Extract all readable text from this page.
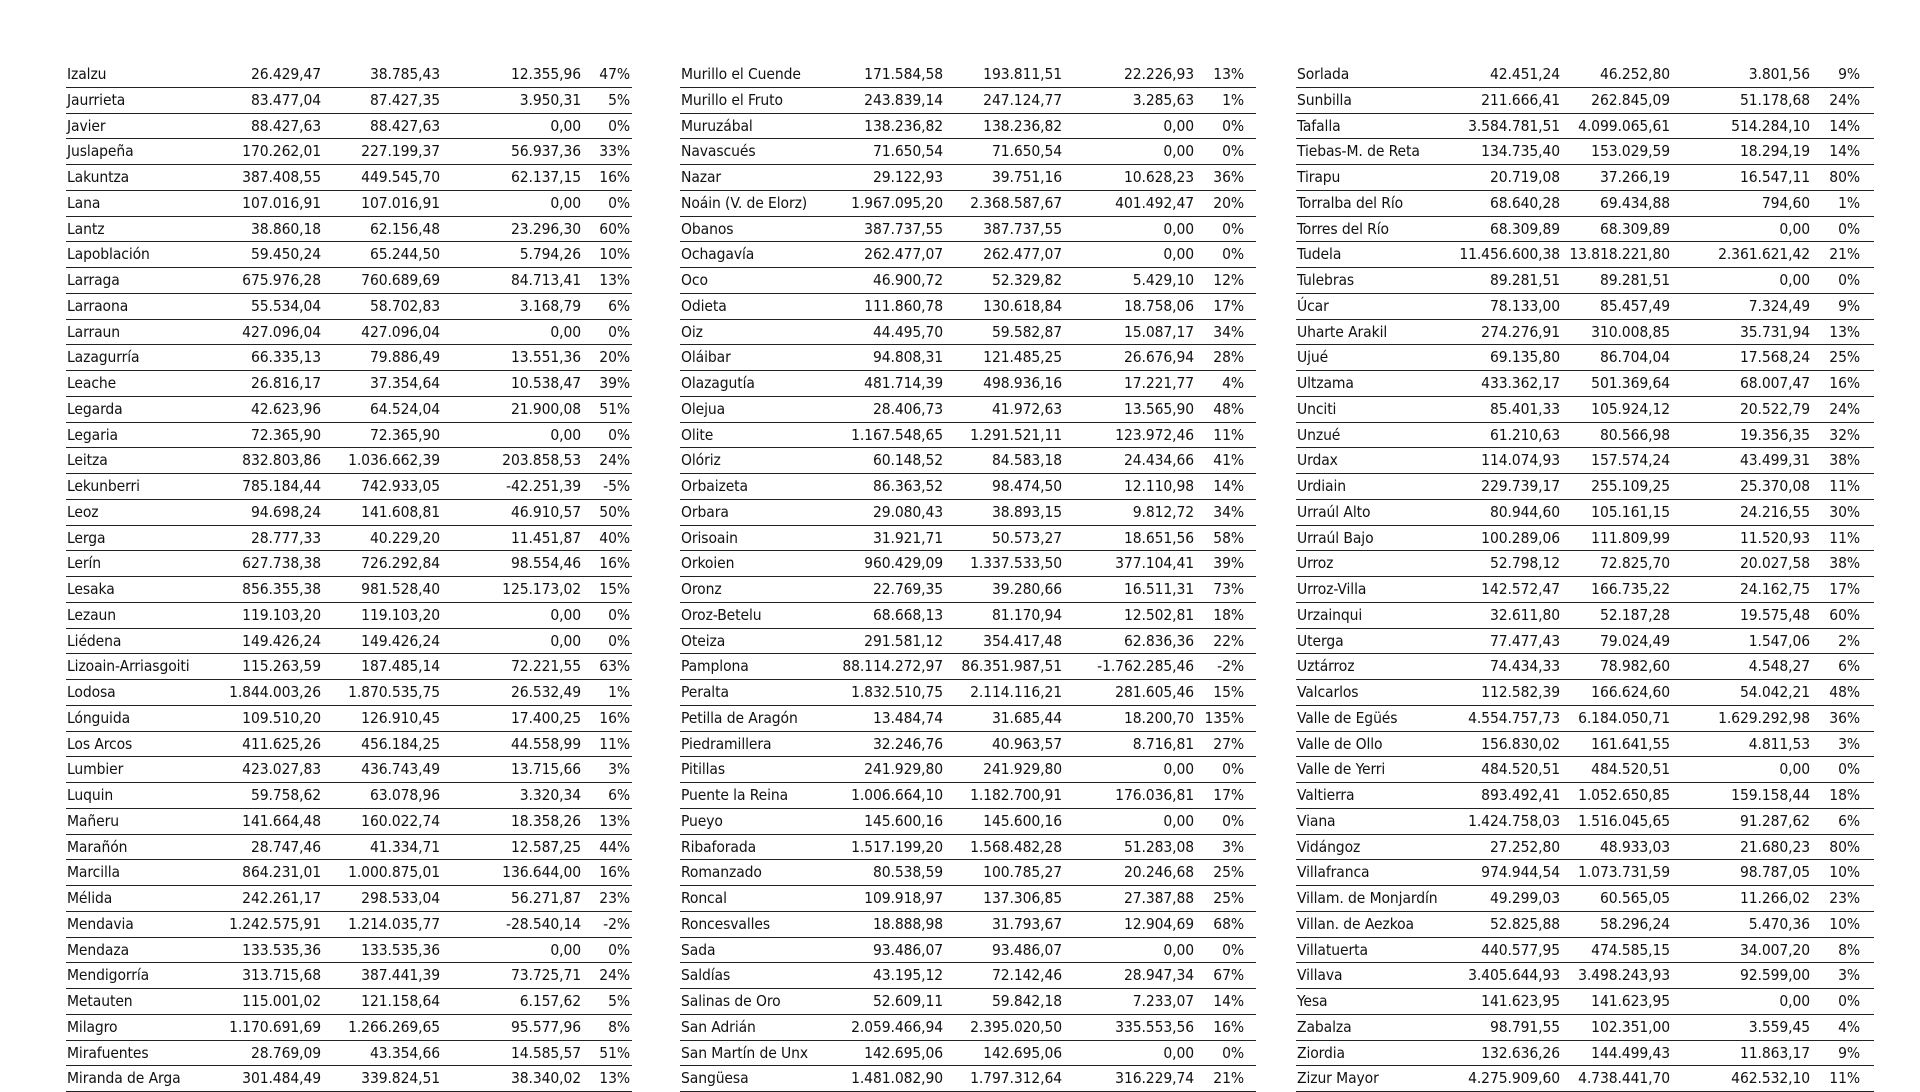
Izalzu	26.429,47	38.785,43	12.355,96	47%
Jaurrieta	83.477,04	87.427,35	3.950,31	5%
Javier	88.427,63	88.427,63	0,00	0%
Juslapeña	170.262,01	227.199,37	56.937,36	33%
Lakuntza	387.408,55	449.545,70	62.137,15	16%
Lana	107.016,91	107.016,91	0,00	0%
Lantz	38.860,18	62.156,48	23.296,30	60%
Lapoblación	59.450,24	65.244,50	5.794,26	10%
Larraga	675.976,28	760.689,69	84.713,41	13%
Larraona	55.534,04	58.702,83	3.168,79	6%
Larraun	427.096,04	427.096,04	0,00	0%
Lazagurría	66.335,13	79.886,49	13.551,36	20%
Leache	26.816,17	37.354,64	10.538,47	39%
Legarda	42.623,96	64.524,04	21.900,08	51%
Legaria	72.365,90	72.365,90	0,00	0%
Leitza	832.803,86	1.036.662,39	203.858,53	24%
Lekunberri	785.184,44	742.933,05	-42.251,39	-5%
Leoz	94.698,24	141.608,81	46.910,57	50%
Lerga	28.777,33	40.229,20	11.451,87	40%
Lerín	627.738,38	726.292,84	98.554,46	16%
Lesaka	856.355,38	981.528,40	125.173,02	15%
Lezaun	119.103,20	119.103,20	0,00	0%
Liédena	149.426,24	149.426,24	0,00	0%
Lizoain-Arriasgoiti	115.263,59	187.485,14	72.221,55	63%
Lodosa	1.844.003,26	1.870.535,75	26.532,49	1%
Lónguida	109.510,20	126.910,45	17.400,25	16%
Los Arcos	411.625,26	456.184,25	44.558,99	11%
Lumbier	423.027,83	436.743,49	13.715,66	3%
Luquin	59.758,62	63.078,96	3.320,34	6%
Mañeru	141.664,48	160.022,74	18.358,26	13%
Marañón	28.747,46	41.334,71	12.587,25	44%
Marcilla	864.231,01	1.000.875,01	136.644,00	16%
Mélida	242.261,17	298.533,04	56.271,87	23%
Mendavia	1.242.575,91	1.214.035,77	-28.540,14	-2%
Mendaza	133.535,36	133.535,36	0,00	0%
Mendigorría	313.715,68	387.441,39	73.725,71	24%
Metauten	115.001,02	121.158,64	6.157,62	5%
Milagro	1.170.691,69	1.266.269,65	95.577,96	8%
Mirafuentes	28.769,09	43.354,66	14.585,57	51%
Miranda de Arga	301.484,49	339.824,51	38.340,02	13%
Murillo el Cuende	171.584,58	193.811,51	22.226,93	13%
Murillo el Fruto	243.839,14	247.124,77	3.285,63	1%
Muruzábal	138.236,82	138.236,82	0,00	0%
Navascués	71.650,54	71.650,54	0,00	0%
Nazar	29.122,93	39.751,16	10.628,23	36%
Noáin (V. de Elorz)	1.967.095,20	2.368.587,67	401.492,47	20%
Obanos	387.737,55	387.737,55	0,00	0%
Ochagavía	262.477,07	262.477,07	0,00	0%
Oco	46.900,72	52.329,82	5.429,10	12%
Odieta	111.860,78	130.618,84	18.758,06	17%
Oiz	44.495,70	59.582,87	15.087,17	34%
Oláibar	94.808,31	121.485,25	26.676,94	28%
Olazagutía	481.714,39	498.936,16	17.221,77	4%
Olejua	28.406,73	41.972,63	13.565,90	48%
Olite	1.167.548,65	1.291.521,11	123.972,46	11%
Olóriz	60.148,52	84.583,18	24.434,66	41%
Orbaizeta	86.363,52	98.474,50	12.110,98	14%
Orbara	29.080,43	38.893,15	9.812,72	34%
Orisoain	31.921,71	50.573,27	18.651,56	58%
Orkoien	960.429,09	1.337.533,50	377.104,41	39%
Oronz	22.769,35	39.280,66	16.511,31	73%
Oroz-Betelu	68.668,13	81.170,94	12.502,81	18%
Oteiza	291.581,12	354.417,48	62.836,36	22%
Pamplona	88.114.272,97	86.351.987,51	-1.762.285,46	-2%
Peralta	1.832.510,75	2.114.116,21	281.605,46	15%
Petilla de Aragón	13.484,74	31.685,44	18.200,70 135%
Piedramillera	32.246,76	40.963,57	8.716,81	27%
Pitillas	241.929,80	241.929,80	0,00	0%
Puente la Reina	1.006.664,10	1.182.700,91	176.036,81	17%
Pueyo	145.600,16	145.600,16	0,00	0%
Ribaforada	1.517.199,20	1.568.482,28	51.283,08	3%
Romanzado	80.538,59	100.785,27	20.246,68	25%
Roncal	109.918,97	137.306,85	27.387,88	25%
Roncesvalles	18.888,98	31.793,67	12.904,69	68%
Sada	93.486,07	93.486,07	0,00	0%
Saldías	43.195,12	72.142,46	28.947,34	67%
Salinas de Oro	52.609,11	59.842,18	7.233,07	14%
San Adrián	2.059.466,94	2.395.020,50	335.553,56	16%
San Martín de Unx	142.695,06	142.695,06	0,00	0%
Sangüesa	1.481.082,90	1.797.312,64	316.229,74	21%
Sorlada	42.451,24	46.252,80	3.801,56	9%
Sunbilla	211.666,41	262.845,09	51.178,68	24%
Tafalla	3.584.781,51	4.099.065,61	514.284,10	14%
Tiebas-M. de Reta	134.735,40	153.029,59	18.294,19	14%
Tirapu	20.719,08	37.266,19	16.547,11	80%
Torralba del Río	68.640,28	69.434,88	794,60	1%
Torres del Río	68.309,89	68.309,89	0,00	0%
Tudela	11.456.600,38 13.818.221,80	2.361.621,42	21%
Tulebras	89.281,51	89.281,51	0,00	0%
Úcar	78.133,00	85.457,49	7.324,49	9%
Uharte Arakil	274.276,91	310.008,85	35.731,94	13%
Ujué	69.135,80	86.704,04	17.568,24	25%
Ultzama	433.362,17	501.369,64	68.007,47	16%
Unciti	85.401,33	105.924,12	20.522,79	24%
Unzué	61.210,63	80.566,98	19.356,35	32%
Urdax	114.074,93	157.574,24	43.499,31	38%
Urdiain	229.739,17	255.109,25	25.370,08	11%
Urraúl Alto	80.944,60	105.161,15	24.216,55	30%
Urraúl Bajo	100.289,06	111.809,99	11.520,93	11%
Urroz	52.798,12	72.825,70	20.027,58	38%
Urroz-Villa	142.572,47	166.735,22	24.162,75	17%
Urzainqui	32.611,80	52.187,28	19.575,48	60%
Uterga	77.477,43	79.024,49	1.547,06	2%
Uztárroz	74.434,33	78.982,60	4.548,27	6%
Valcarlos	112.582,39	166.624,60	54.042,21	48%
Valle de Egüés	4.554.757,73	6.184.050,71	1.629.292,98	36%
Valle de Ollo	156.830,02	161.641,55	4.811,53	3%
Valle de Yerri	484.520,51	484.520,51	0,00	0%
Valtierra	893.492,41	1.052.650,85	159.158,44	18%
Viana	1.424.758,03	1.516.045,65	91.287,62	6%
Vidángoz	27.252,80	48.933,03	21.680,23	80%
Villafranca	974.944,54	1.073.731,59	98.787,05	10%
Villam. de Monjardín	49.299,03	60.565,05	11.266,02	23%
Villan. de Aezkoa	52.825,88	58.296,24	5.470,36	10%
Villatuerta	440.577,95	474.585,15	34.007,20	8%
Villava	3.405.644,93	3.498.243,93	92.599,00	3%
Yesa	141.623,95	141.623,95	0,00	0%
Zabalza	98.791,55	102.351,00	3.559,45	4%
Ziordia	132.636,26	144.499,43	11.863,17	9%
Zizur Mayor	4.275.909,60	4.738.441,70	462.532,10	11%
